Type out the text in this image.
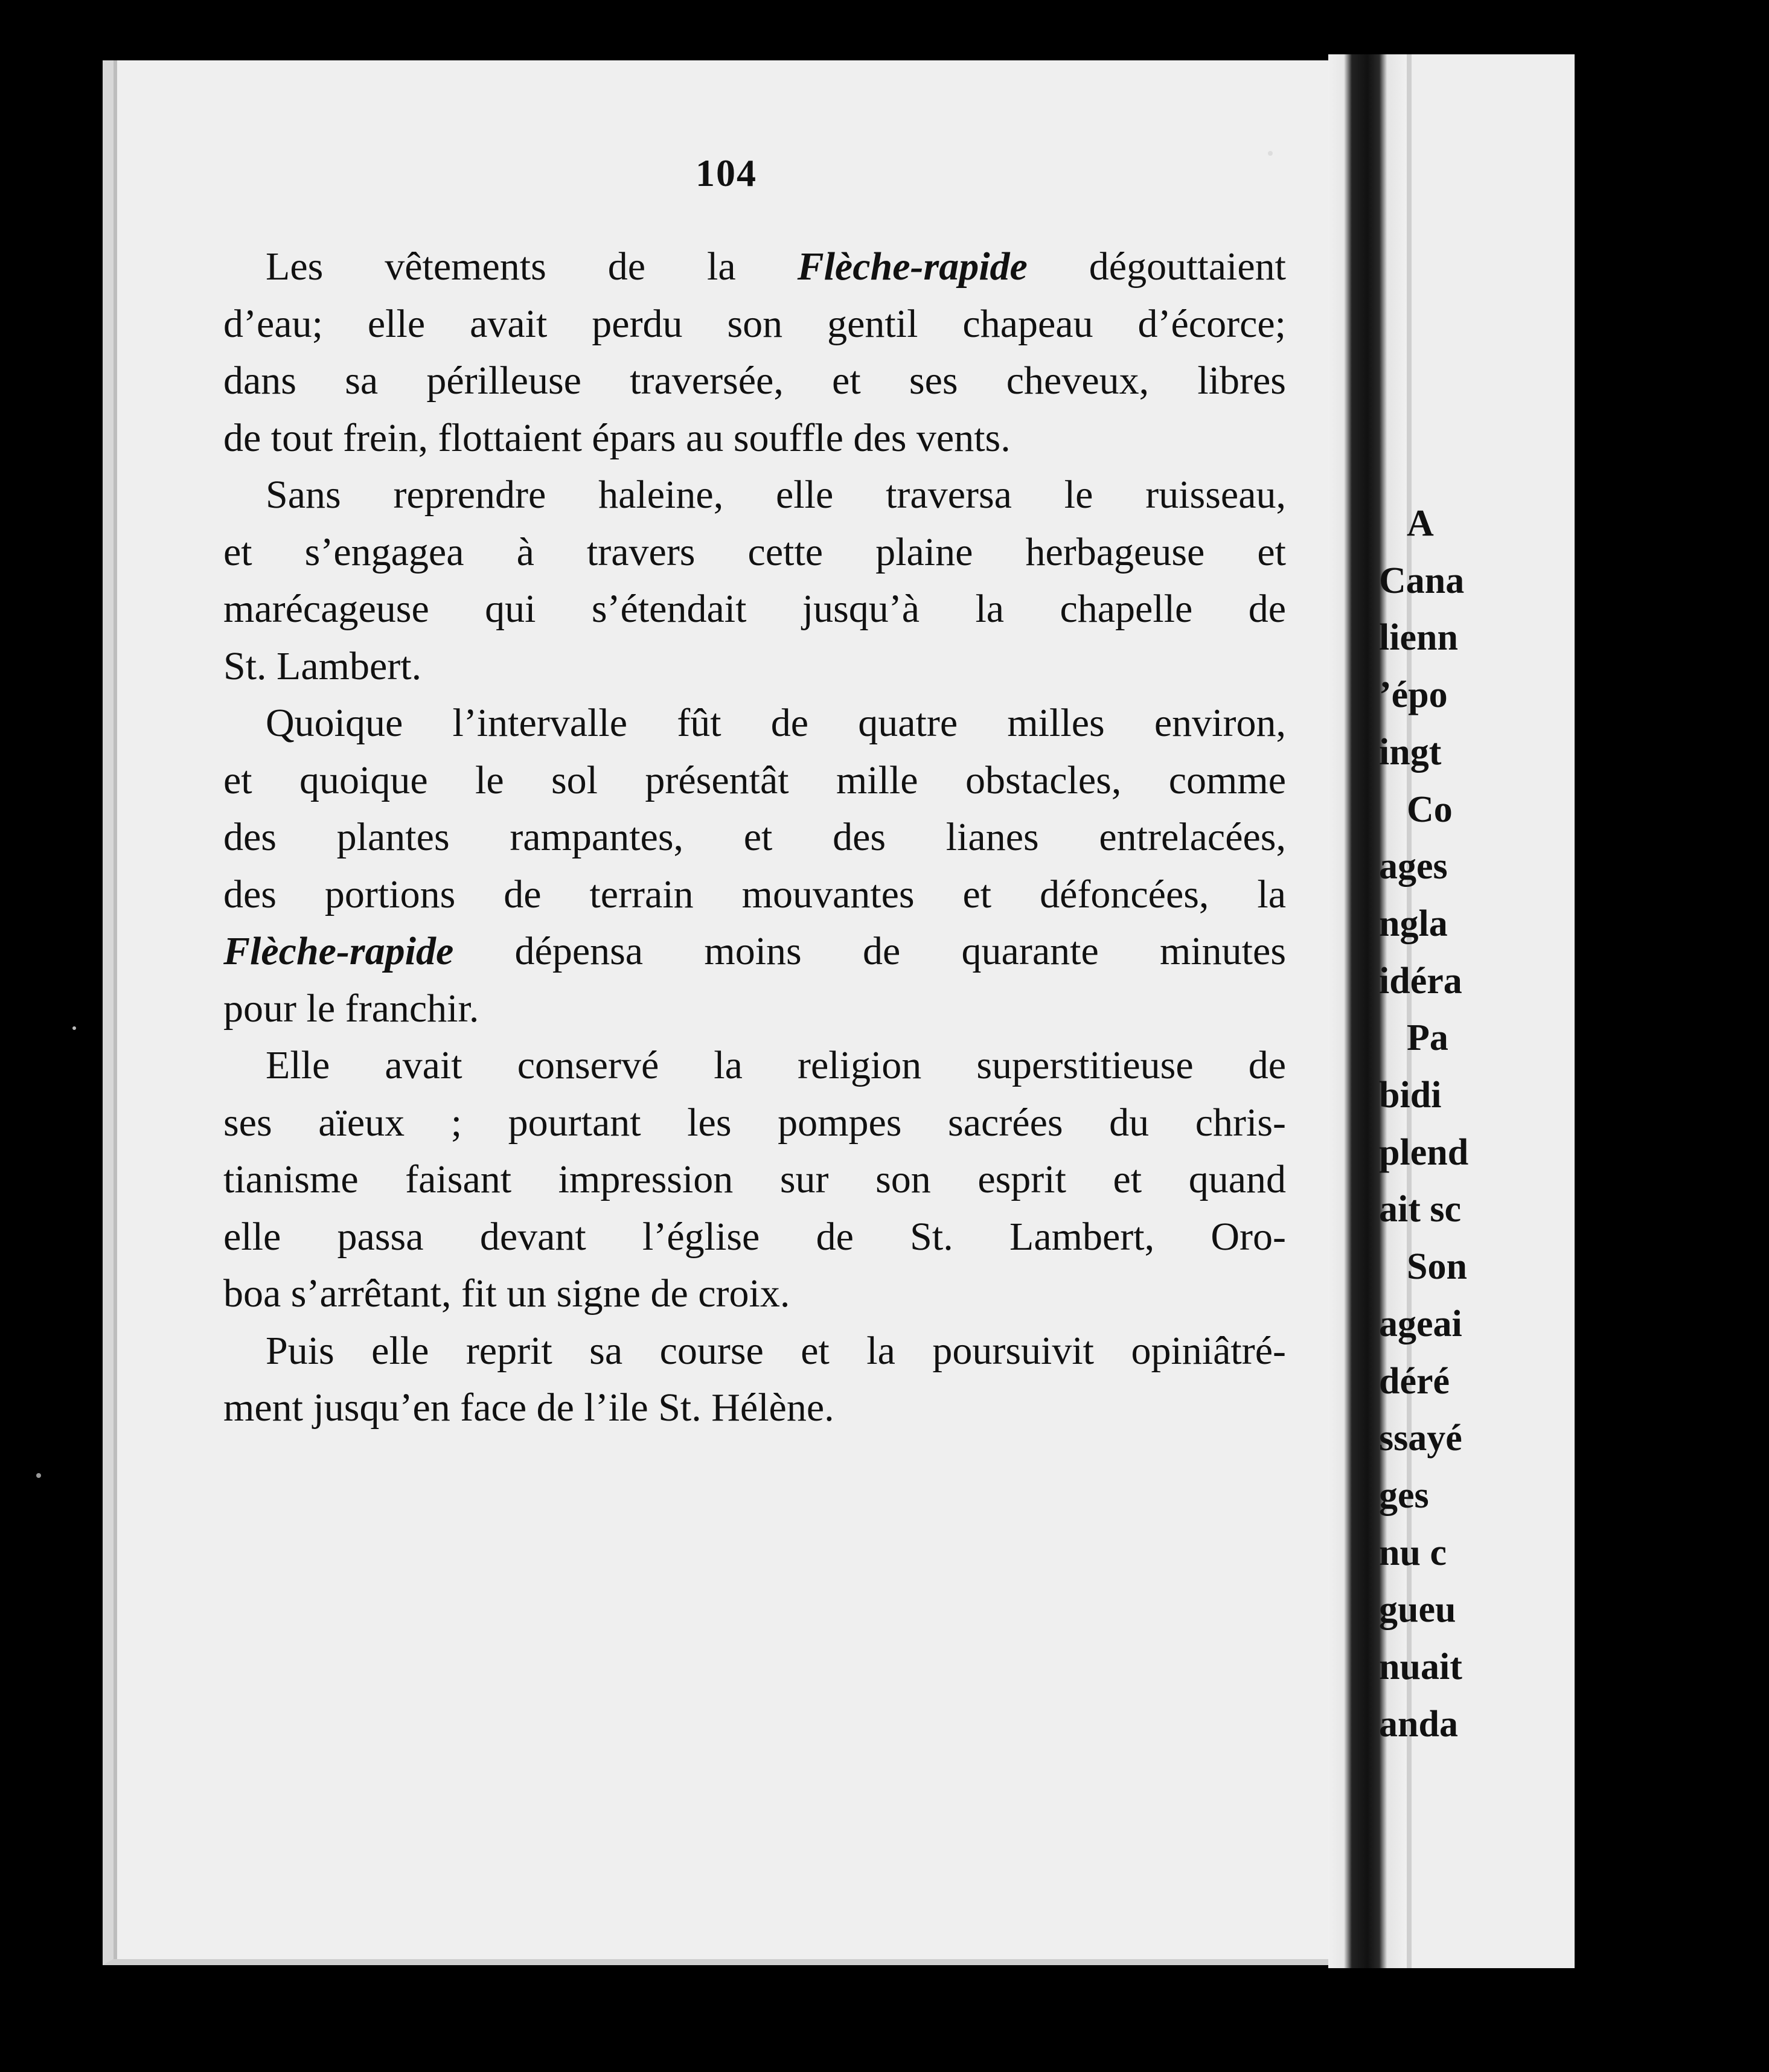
104
A
Cana
lienn
’épo
ingt
Co
ages
ngla
idéra
Pa
bidi
plend
ait sc
Son
ageai
déré
ssayé
ges
nu c
gueu
nuait
anda
Les vêtements de la Flèche-rapide dégouttaient
d’eau; elle avait perdu son gentil chapeau d’écorce;
dans sa périlleuse traversée, et ses cheveux, libres
de tout frein, flottaient épars au souffle des vents.
Sans reprendre haleine, elle traversa le ruisseau,
et s’engagea à travers cette plaine herbageuse et
marécageuse qui s’étendait jusqu’à la chapelle de
St. Lambert.
Quoique l’intervalle fût de quatre milles environ,
et quoique le sol présentât mille obstacles, comme
des plantes rampantes, et des lianes entrelacées,
des portions de terrain mouvantes et défoncées, la
Flèche-rapide dépensa moins de quarante minutes
pour le franchir.
Elle avait conservé la religion superstitieuse de
ses aïeux ; pourtant les pompes sacrées du chris-
tianisme faisant impression sur son esprit et quand
elle passa devant l’église de St. Lambert, Oro-
boa s’arrêtant, fit un signe de croix.
Puis elle reprit sa course et la poursuivit opiniâtré-
ment jusqu’en face de l’ile St. Hélène.
